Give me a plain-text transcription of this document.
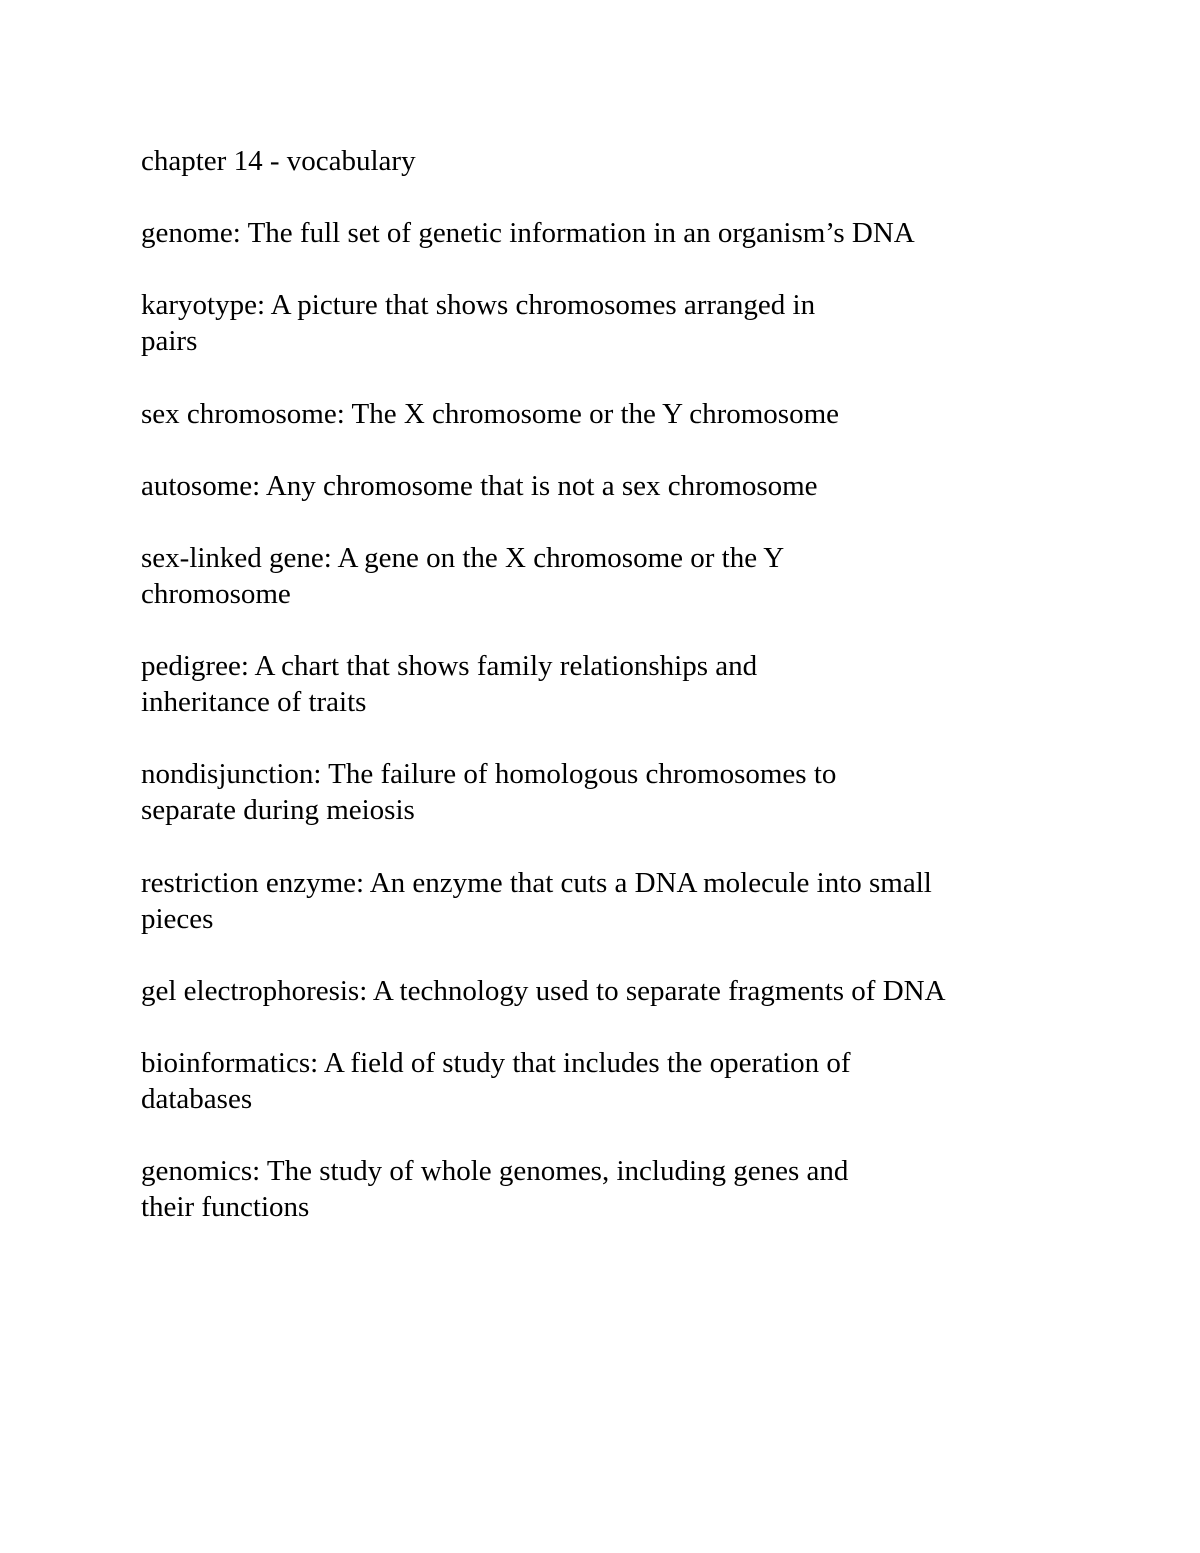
chapter 14 - vocabulary
genome: The full set of genetic information in an organism’s DNA
karyotype: A picture that shows chromosomes arranged in
pairs
sex chromosome: The X chromosome or the Y chromosome
autosome: Any chromosome that is not a sex chromosome
sex-linked gene: A gene on the X chromosome or the Y
chromosome
pedigree: A chart that shows family relationships and
inheritance of traits
nondisjunction: The failure of homologous chromosomes to
separate during meiosis
restriction enzyme: An enzyme that cuts a DNA molecule into small
pieces
gel electrophoresis: A technology used to separate fragments of DNA
bioinformatics: A field of study that includes the operation of
databases
genomics: The study of whole genomes, including genes and
their functions
